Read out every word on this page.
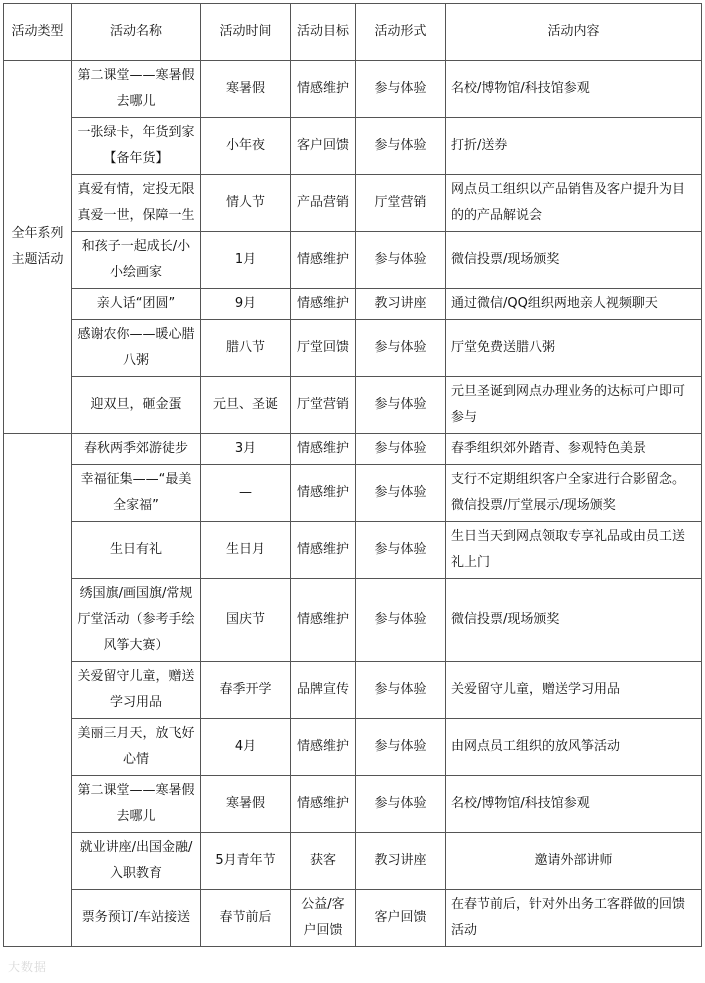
活动类型	活动名称	活动时间	活动目标	活动形式	活动内容
全年系列主题活动	第二课堂——寒暑假去哪儿	寒暑假	情感维护	参与体验	名校/博物馆/科技馆参观
	一张绿卡，年货到家【备年货】	小年夜	客户回馈	参与体验	打折/送券
	真爱有情，定投无限真爱一世，保障一生	情人节	产品营销	厅堂营销	网点员工组织以产品销售及客户提升为目的的产品解说会
	和孩子一起成长/小小绘画家	1月	情感维护	参与体验	微信投票/现场颁奖
	亲人话“团圆”	9月	情感维护	教习讲座	通过微信/QQ组织两地亲人视频聊天
	感谢农你——暖心腊八粥	腊八节	厅堂回馈	参与体验	厅堂免费送腊八粥
	迎双旦，砸金蛋	元旦、圣诞	厅堂营销	参与体验	元旦圣诞到网点办理业务的达标可户即可参与
	春秋两季郊游徒步	3月	情感维护	参与体验	春季组织郊外踏青、参观特色美景
	幸福征集——“最美全家福”	—	情感维护	参与体验	支行不定期组织客户全家进行合影留念。微信投票/厅堂展示/现场颁奖
	生日有礼	生日月	情感维护	参与体验	生日当天到网点领取专享礼品或由员工送礼上门
	绣国旗/画国旗/常规厅堂活动（参考手绘风筝大赛）	国庆节	情感维护	参与体验	微信投票/现场颁奖
	关爱留守儿童，赠送学习用品	春季开学	品牌宣传	参与体验	关爱留守儿童，赠送学习用品
	美丽三月天，放飞好心情	4月	情感维护	参与体验	由网点员工组织的放风筝活动
	第二课堂——寒暑假去哪儿	寒暑假	情感维护	参与体验	名校/博物馆/科技馆参观
	就业讲座/出国金融/入职教育	5月青年节	获客	教习讲座	邀请外部讲师
	票务预订/车站接送	春节前后	公益/客户回馈	客户回馈	在春节前后，针对外出务工客群做的回馈活动
大数据
